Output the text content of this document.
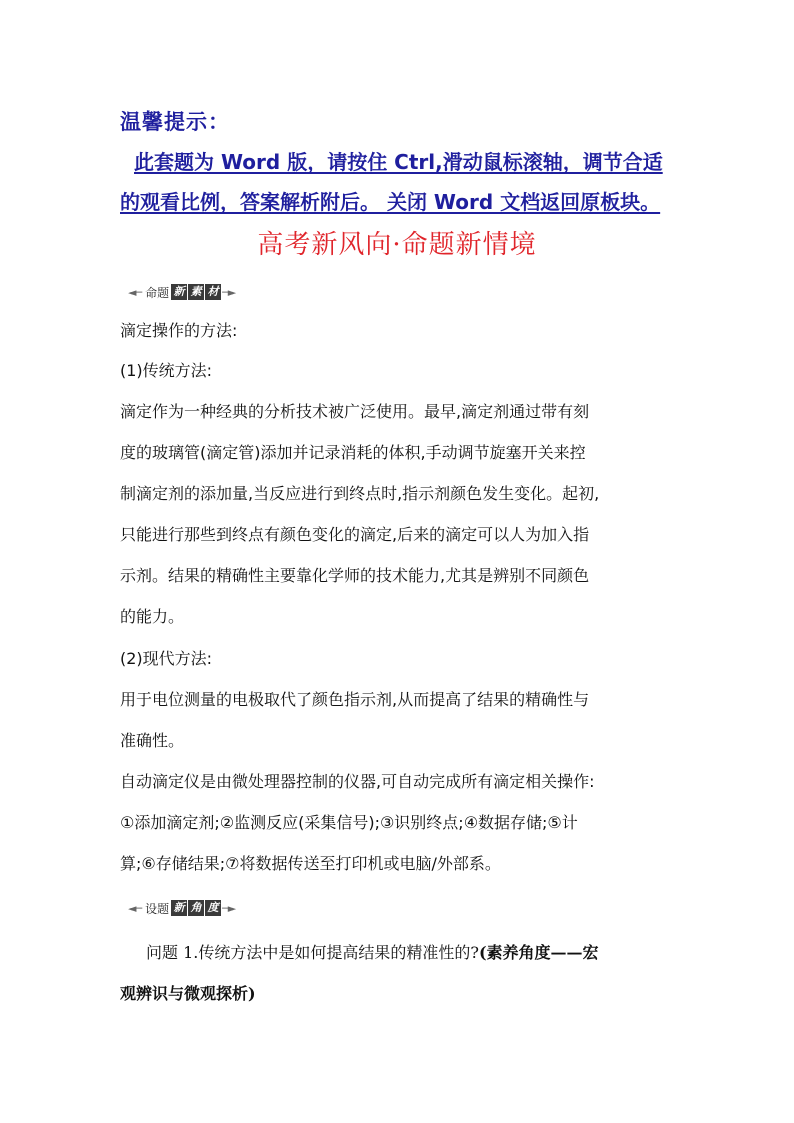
温馨提示：
此套题为 Word 版，请按住 Ctrl,滑动鼠标滚轴，调节合适
的观看比例，答案解析附后。 关闭 Word 文档返回原板块。
高考新风向·命题新情境
◄─ 命题 新 素 材 ─►
滴定操作的方法:
(1)传统方法:
滴定作为一种经典的分析技术被广泛使用。最早,滴定剂通过带有刻
度的玻璃管(滴定管)添加并记录消耗的体积,手动调节旋塞开关来控
制滴定剂的添加量,当反应进行到终点时,指示剂颜色发生变化。起初,
只能进行那些到终点有颜色变化的滴定,后来的滴定可以人为加入指
示剂。结果的精确性主要靠化学师的技术能力,尤其是辨别不同颜色
的能力。
(2)现代方法:
用于电位测量的电极取代了颜色指示剂,从而提高了结果的精确性与
准确性。
自动滴定仪是由微处理器控制的仪器,可自动完成所有滴定相关操作:
①添加滴定剂;②监测反应(采集信号);③识别终点;④数据存储;⑤计
算;⑥存储结果;⑦将数据传送至打印机或电脑/外部系。
◄─ 设题 新 角 度 ─►
问题 1.传统方法中是如何提高结果的精准性的?(素养角度——宏
观辨识与微观探析)
